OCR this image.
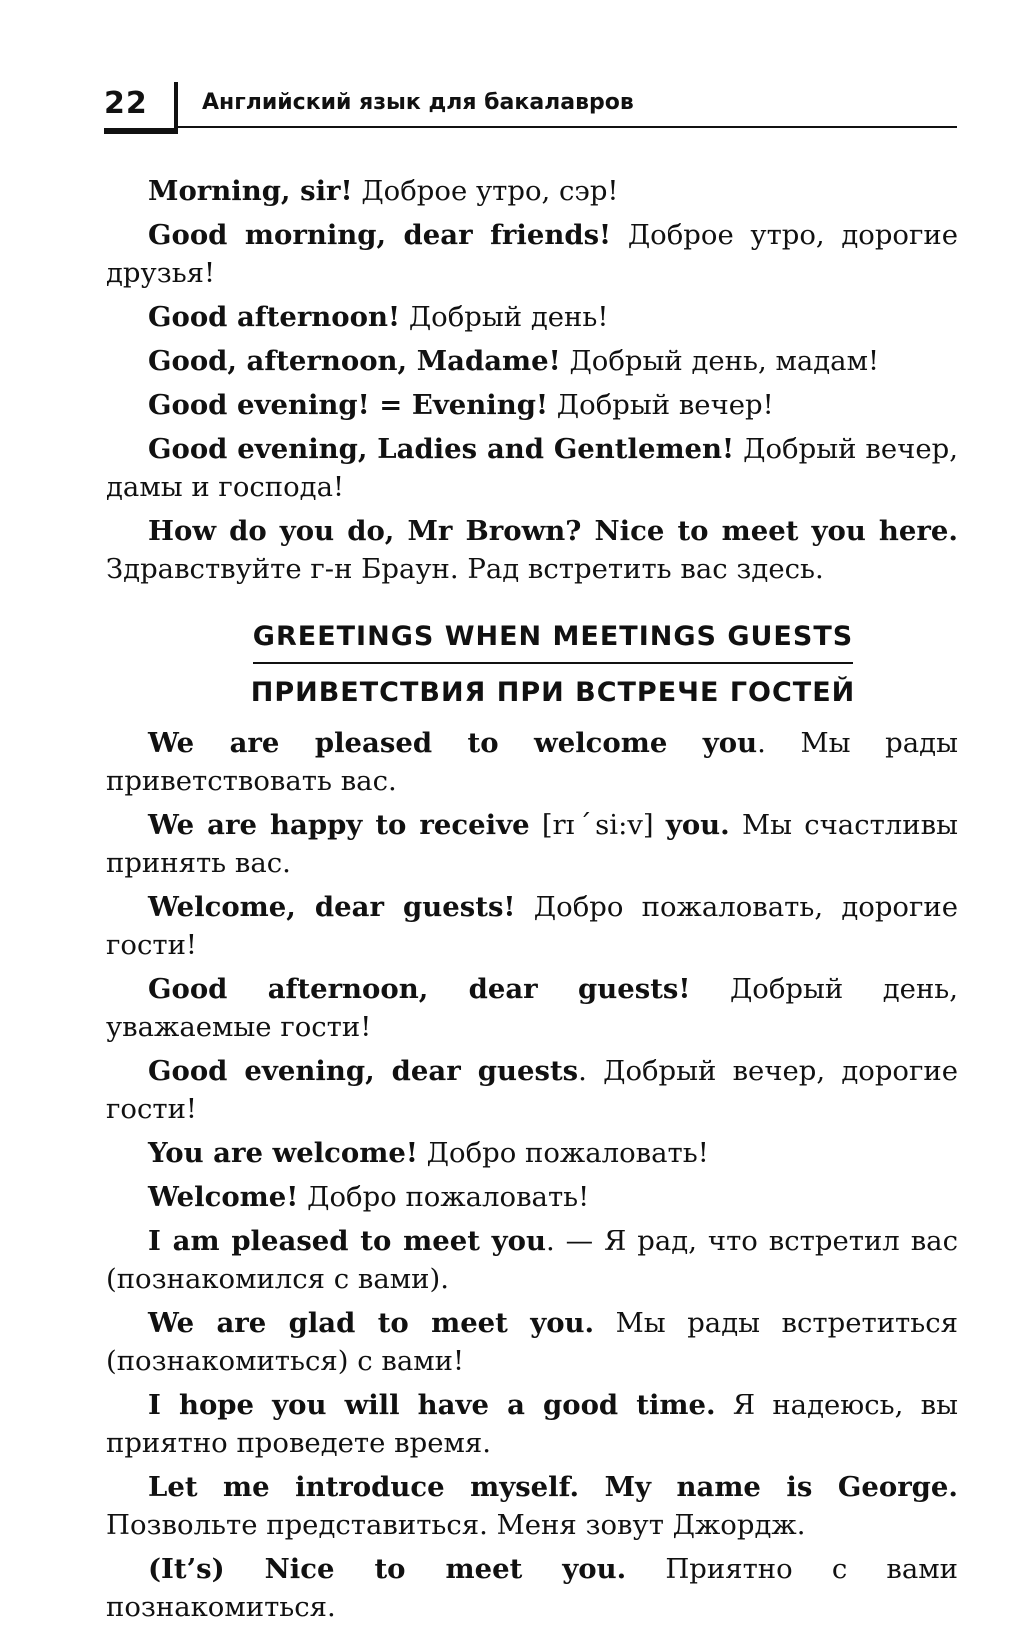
22 Английский язык для бакалавров

Morning, sir! Доброе утро, сэр!

Good morning, dear friends! Доброе утро, дорогие друзья!

Good afternoon! Добрый день!

Good, afternoon, Madame! Добрый день, мадам!

Good evening! = Evening! Добрый вечер!

Good evening, Ladies and Gentlemen! Добрый вечер, дамы и господа!

How do you do, Mr Brown? Nice to meet you here. Здравствуйте г-н Браун. Рад встретить вас здесь.

GREETINGS WHEN MEETINGS GUESTS
ПРИВЕТСТВИЯ ПРИ ВСТРЕЧЕ ГОСТЕЙ

We are pleased to welcome you. Мы рады приветствовать вас.

We are happy to receive [rɪˊsi:v] you. Мы счастливы принять вас.

Welcome, dear guests! Добро пожаловать, дорогие гости!

Good afternoon, dear guests! Добрый день, уважаемые гости!

Good evening, dear guests. Добрый вечер, дорогие гости!

You are welcome! Добро пожаловать!

Welcome! Добро пожаловать!

I am pleased to meet you. — Я рад, что встретил вас (познакомился с вами).

We are glad to meet you. Мы рады встретиться (познакомиться) с вами!

I hope you will have a good time. Я надеюсь, вы приятно проведете время.

Let me introduce myself. My name is George. Позвольте представиться. Меня зовут Джордж.

(It’s) Nice to meet you. Приятно с вами познакомиться.
